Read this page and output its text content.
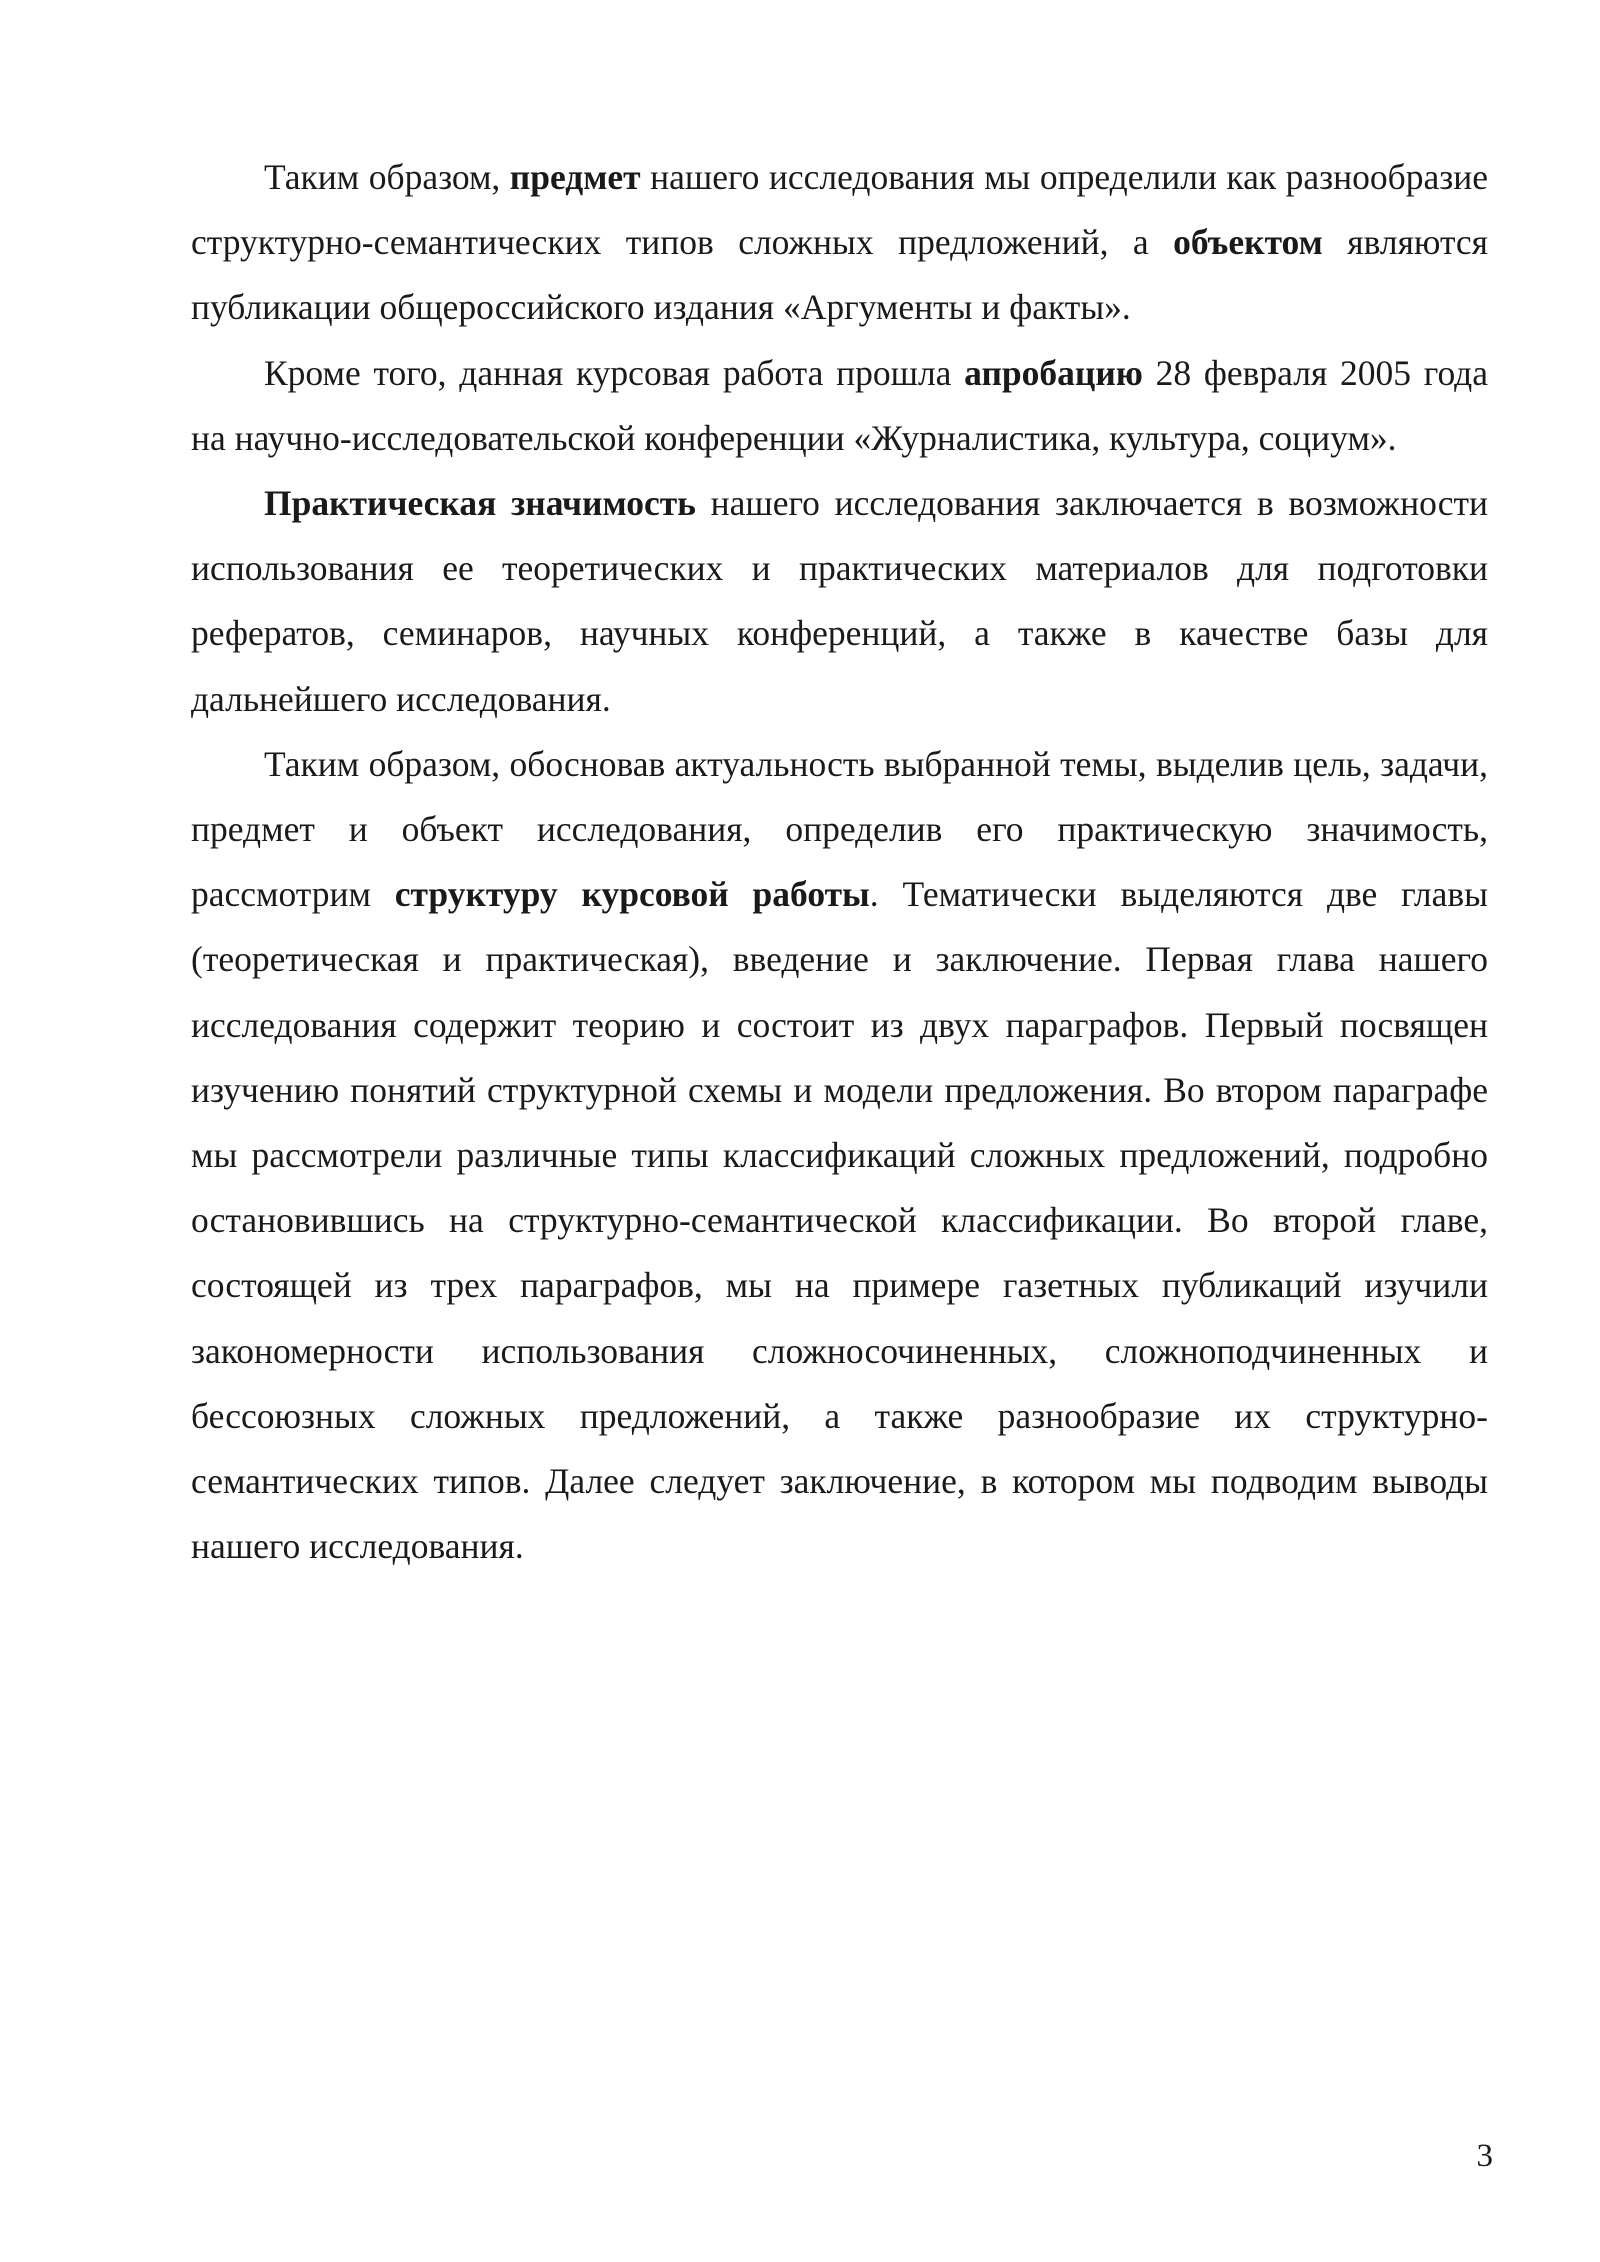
Таким образом, предмет нашего исследования мы определили как разнообразие структурно-семантических типов сложных предложений, а объектом являются публикации общероссийского издания «Аргументы и факты».

Кроме того, данная курсовая работа прошла апробацию 28 февраля 2005 года на научно-исследовательской конференции «Журналистика, культура, социум».

Практическая значимость нашего исследования заключается в возможности использования ее теоретических и практических материалов для подготовки рефератов, семинаров, научных конференций, а также в качестве базы для дальнейшего исследования.

Таким образом, обосновав актуальность выбранной темы, выделив цель, задачи, предмет и объект исследования, определив его практическую значимость, рассмотрим структуру курсовой работы. Тематически выделяются две главы (теоретическая и практическая), введение и заключение. Первая глава нашего исследования содержит теорию и состоит из двух параграфов. Первый посвящен изучению понятий структурной схемы и модели предложения. Во втором параграфе мы рассмотрели различные типы классификаций сложных предложений, подробно остановившись на структурно-семантической классификации. Во второй главе, состоящей из трех параграфов, мы на примере газетных публикаций изучили закономерности использования сложносочиненных, сложноподчиненных и бессоюзных сложных предложений, а также разнообразие их структурно-семантических типов. Далее следует заключение, в котором мы подводим выводы нашего исследования.

3
